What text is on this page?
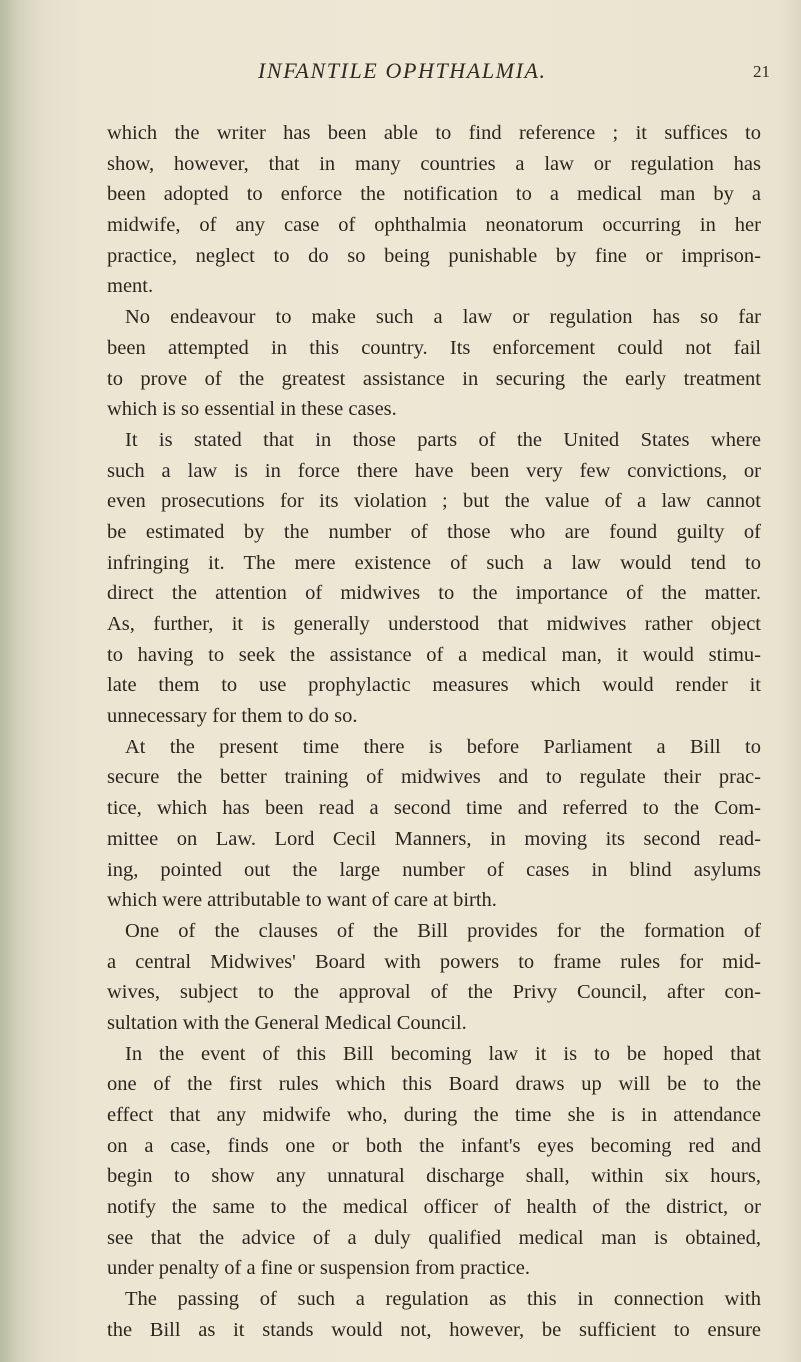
INFANTILE OPHTHALMIA.	21
which the writer has been able to find reference ; it suffices to
show, however, that in many countries a law or regulation has
been adopted to enforce the notification to a medical man by a
midwife, of any case of ophthalmia neonatorum occurring in her
practice, neglect to do so being punishable by fine or imprison-
ment.
No endeavour to make such a law or regulation has so far
been attempted in this country. Its enforcement could not fail
to prove of the greatest assistance in securing the early treatment
which is so essential in these cases.
It is stated that in those parts of the United States where
such a law is in force there have been very few convictions, or
even prosecutions for its violation ; but the value of a law cannot
be estimated by the number of those who are found guilty of
infringing it. The mere existence of such a law would tend to
direct the attention of midwives to the importance of the matter.
As, further, it is generally understood that midwives rather object
to having to seek the assistance of a medical man, it would stimu-
late them to use prophylactic measures which would render it
unnecessary for them to do so.
At the present time there is before Parliament a Bill to
secure the better training of midwives and to regulate their prac-
tice, which has been read a second time and referred to the Com-
mittee on Law. Lord Cecil Manners, in moving its second read-
ing, pointed out the large number of cases in blind asylums
which were attributable to want of care at birth.
One of the clauses of the Bill provides for the formation of
a central Midwives' Board with powers to frame rules for mid-
wives, subject to the approval of the Privy Council, after con-
sultation with the General Medical Council.
In the event of this Bill becoming law it is to be hoped that
one of the first rules which this Board draws up will be to the
effect that any midwife who, during the time she is in attendance
on a case, finds one or both the infant's eyes becoming red and
begin to show any unnatural discharge shall, within six hours,
notify the same to the medical officer of health of the district, or
see that the advice of a duly qualified medical man is obtained,
under penalty of a fine or suspension from practice.
The passing of such a regulation as this in connection with
the Bill as it stands would not, however, be sufficient to ensure
